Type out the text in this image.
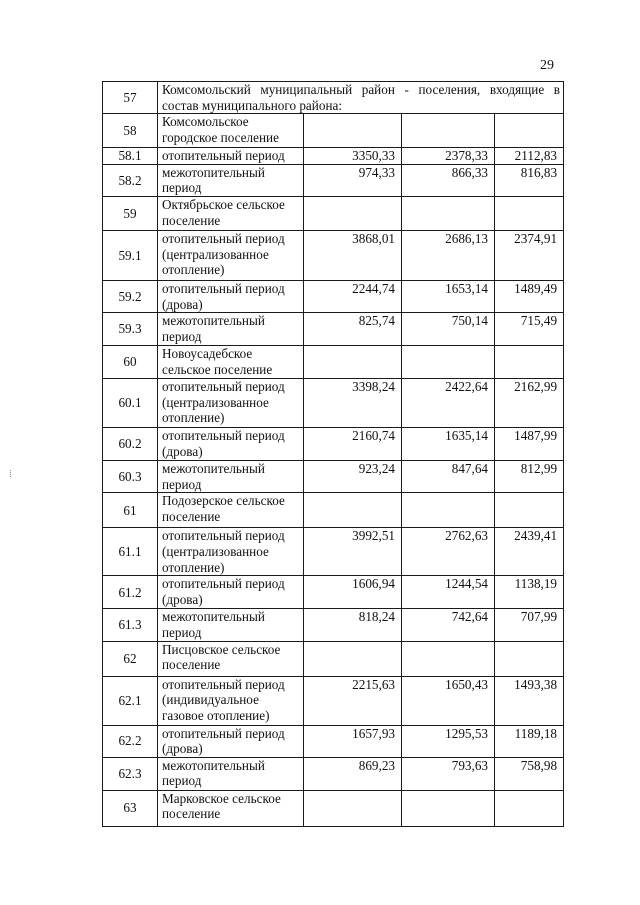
29
57	Комсомольский муниципальный район - поселения, входящие в состав муниципального района:			
58	Комсомольское городское поселение			
58.1	отопительный период	3350,33	2378,33	2112,83
58.2	межотопительный период	974,33	866,33	816,83
59	Октябрьское сельское поселение			
59.1	отопительный период (централизованное отопление)	3868,01	2686,13	2374,91
59.2	отопительный период (дрова)	2244,74	1653,14	1489,49
59.3	межотопительный период	825,74	750,14	715,49
60	Новоусадебское сельское поселение			
60.1	отопительный период (централизованное отопление)	3398,24	2422,64	2162,99
60.2	отопительный период (дрова)	2160,74	1635,14	1487,99
60.3	межотопительный период	923,24	847,64	812,99
61	Подозерское сельское поселение			
61.1	отопительный период (централизованное отопление)	3992,51	2762,63	2439,41
61.2	отопительный период (дрова)	1606,94	1244,54	1138,19
61.3	межотопительный период	818,24	742,64	707,99
62	Писцовское сельское поселение			
62.1	отопительный период (индивидуальное газовое отопление)	2215,63	1650,43	1493,38
62.2	отопительный период (дрова)	1657,93	1295,53	1189,18
62.3	межотопительный период	869,23	793,63	758,98
63	Марковское сельское поселение			
